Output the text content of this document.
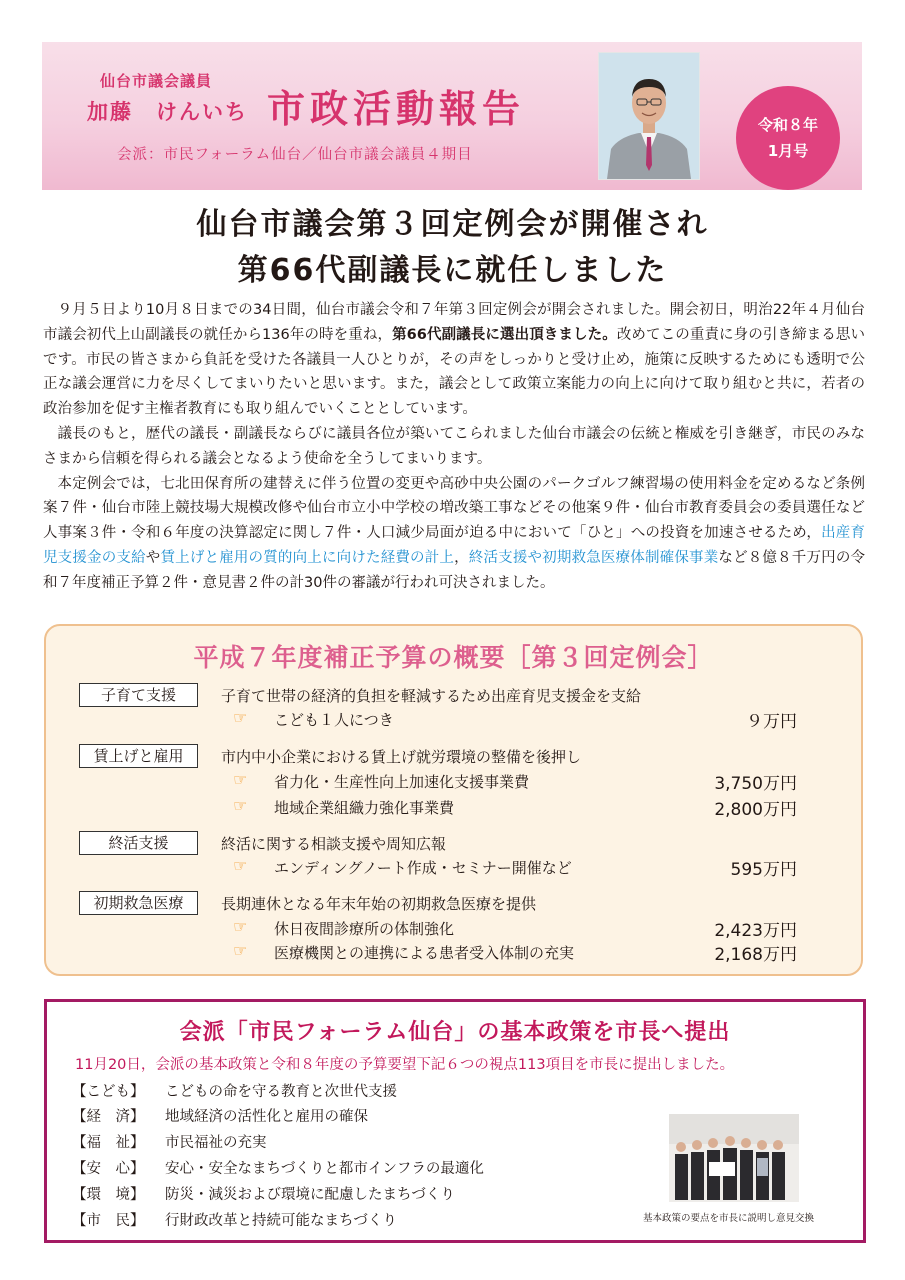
仙台市議会議員
加藤　けんいち 市政活動報告
会派：市民フォーラム仙台／仙台市議会議員４期目
令和８年
1月号
仙台市議会第３回定例会が開催され
第66代副議長に就任しました

９月５日より10月８日までの34日間，仙台市議会令和７年第３回定例会が開会されました。開会初日，明治22年４月仙台市議会初代上山副議長の就任から136年の時を重ね，第66代副議長に選出頂きました。改めてこの重責に身の引き締まる思いです。市民の皆さまから負託を受けた各議員一人ひとりが，その声をしっかりと受け止め，施策に反映するためにも透明で公正な議会運営に力を尽くしてまいりたいと思います。また，議会として政策立案能力の向上に向けて取り組むと共に，若者の政治参加を促す主権者教育にも取り組んでいくこととしています。

議長のもと，歴代の議長・副議長ならびに議員各位が築いてこられました仙台市議会の伝統と権威を引き継ぎ，市民のみなさまから信頼を得られる議会となるよう使命を全うしてまいります。

本定例会では，七北田保育所の建替えに伴う位置の変更や高砂中央公園のパークゴルフ練習場の使用料金を定めるなど条例案７件・仙台市陸上競技場大規模改修や仙台市立小中学校の増改築工事などその他案９件・仙台市教育委員会の委員選任など人事案３件・令和６年度の決算認定に関し７件・人口減少局面が迫る中において「ひと」への投資を加速させるため，出産育児支援金の支給や賃上げと雇用の質的向上に向けた経費の計上，終活支援や初期救急医療体制確保事業など８億８千万円の令和７年度補正予算２件・意見書２件の計30件の審議が行われ可決されました。

平成７年度補正予算の概要［第３回定例会］
子育て支援	子育て世帯の経済的負担を軽減するため出産育児支援金を支給
☞ こども１人につき	９万円
賃上げと雇用	市内中小企業における賃上げ就労環境の整備を後押し
☞ 省力化・生産性向上加速化支援事業費	3,750万円
☞ 地域企業組織力強化事業費	2,800万円
終活支援	終活に関する相談支援や周知広報
☞ エンディングノート作成・セミナー開催など	595万円
初期救急医療	長期連休となる年末年始の初期救急医療を提供
☞ 休日夜間診療所の体制強化	2,423万円
☞ 医療機関との連携による患者受入体制の充実	2,168万円
会派「市民フォーラム仙台」の基本政策を市長へ提出
11月20日，会派の基本政策と令和８年度の予算要望下記６つの視点113項目を市長に提出しました。
【こども】 こどもの命を守る教育と次世代支援
【経　済】 地域経済の活性化と雇用の確保
【福　祉】 市民福祉の充実
【安　心】 安心・安全なまちづくりと都市インフラの最適化
【環　境】 防災・減災および環境に配慮したまちづくり
【市　民】 行財政改革と持続可能なまちづくり	基本政策の要点を市長に説明し意見交換
